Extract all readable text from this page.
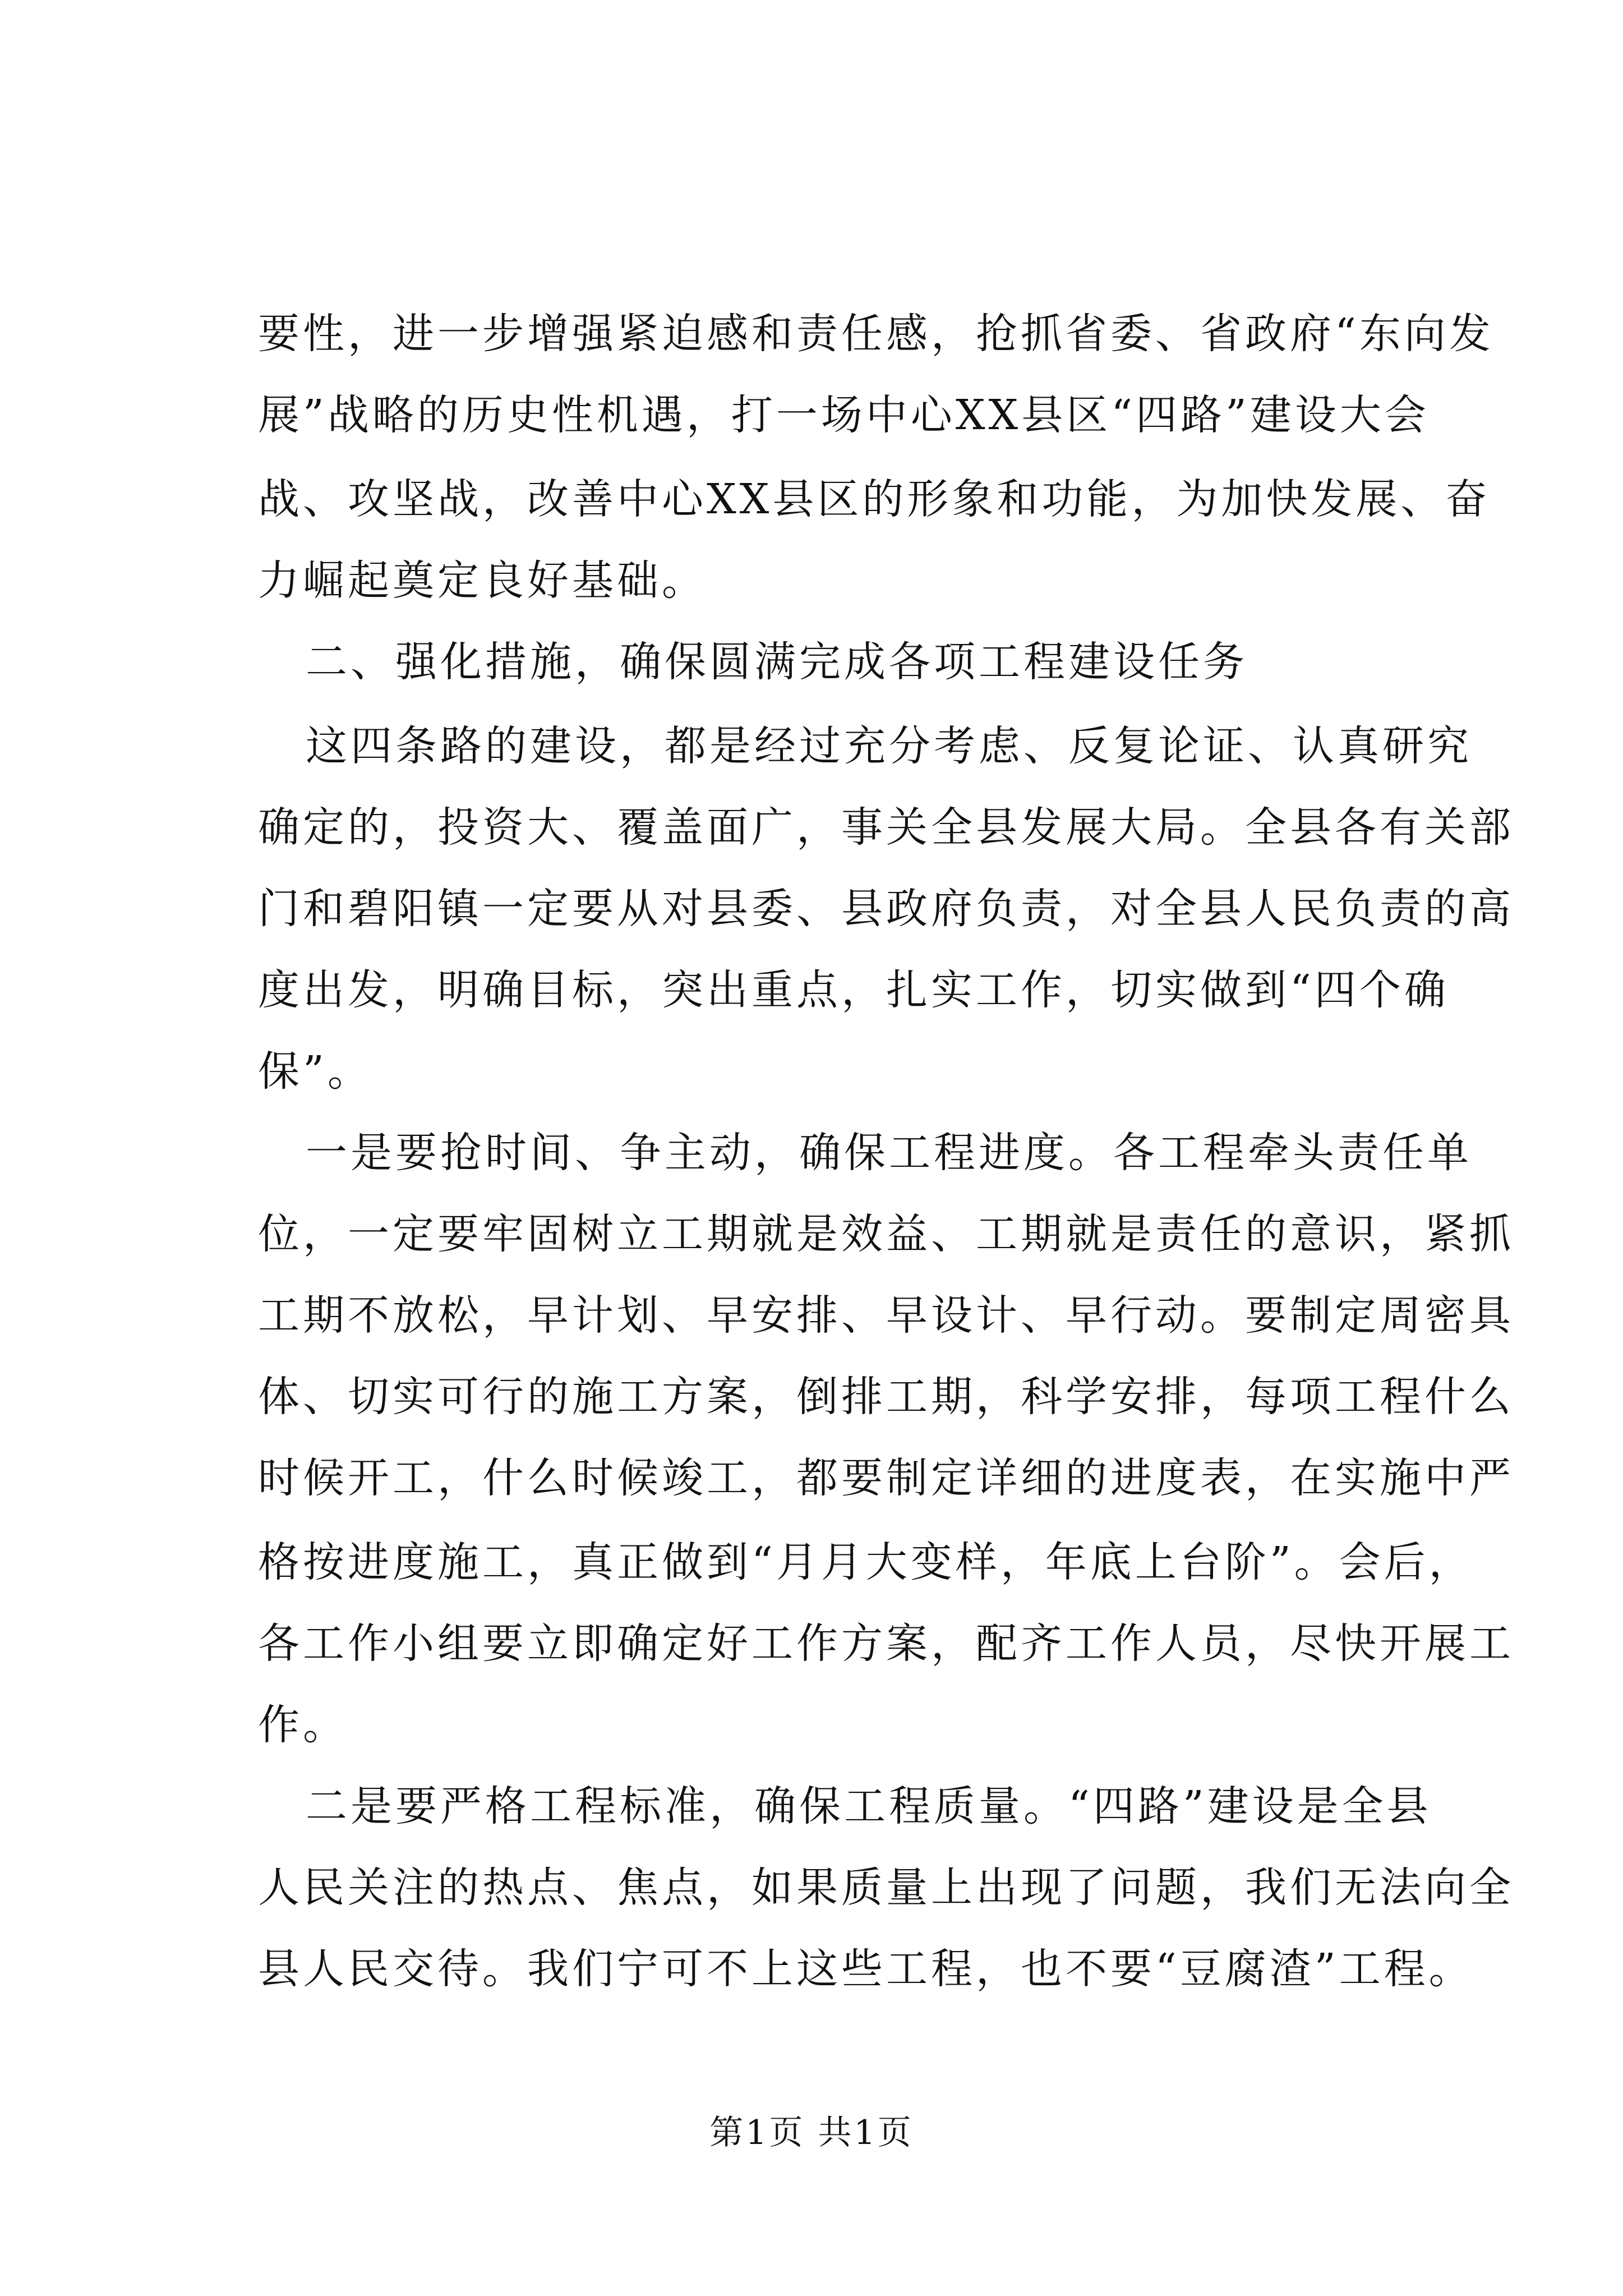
要性，进一步增强紧迫感和责任感，抢抓省委、省政府“东向发
展”战略的历史性机遇，打一场中心XX县区“四路”建设大会
战、攻坚战，改善中心XX县区的形象和功能，为加快发展、奋
力崛起奠定良好基础。
二、强化措施，确保圆满完成各项工程建设任务
这四条路的建设，都是经过充分考虑、反复论证、认真研究
确定的，投资大、覆盖面广，事关全县发展大局。全县各有关部
门和碧阳镇一定要从对县委、县政府负责，对全县人民负责的高
度出发，明确目标，突出重点，扎实工作，切实做到“四个确
保”。
一是要抢时间、争主动，确保工程进度。各工程牵头责任单
位，一定要牢固树立工期就是效益、工期就是责任的意识，紧抓
工期不放松，早计划、早安排、早设计、早行动。要制定周密具
体、切实可行的施工方案，倒排工期，科学安排，每项工程什么
时候开工，什么时候竣工，都要制定详细的进度表，在实施中严
格按进度施工，真正做到“月月大变样，年底上台阶”。会后，
各工作小组要立即确定好工作方案，配齐工作人员，尽快开展工
作。
二是要严格工程标准，确保工程质量。“四路”建设是全县
人民关注的热点、焦点，如果质量上出现了问题，我们无法向全
县人民交待。我们宁可不上这些工程，也不要“豆腐渣”工程。
第1页 共1页
